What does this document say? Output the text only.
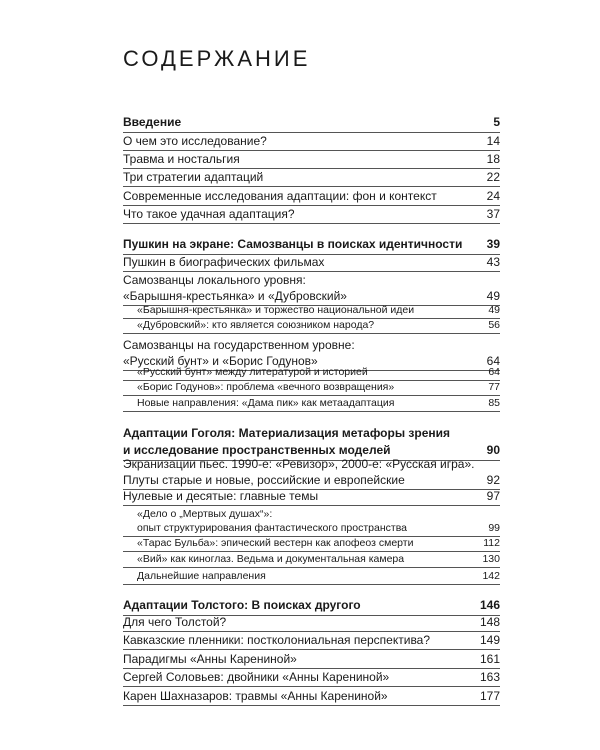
СОДЕРЖАНИЕ
Введение	5
О чем это исследование?	14
Травма и ностальгия	18
Три стратегии адаптаций	22
Современные исследования адаптации: фон и контекст	24
Что такое удачная адаптация?	37
Пушкин на экране: Самозванцы в поисках идентичности 39
Пушкин в биографических фильмах	43
Самозванцы локального уровня:
«Барышня-крестьянка» и «Дубровский»	49
«Барышня-крестьянка» и торжество национальной идеи	49
«Дубровский»: кто является союзником народа?	56
Самозванцы на государственном уровне:
«Русский бунт» и «Борис Годунов»	64
«Русский бунт» между литературой и историей	64
«Борис Годунов»: проблема «вечного возвращения»	77
Новые направления: «Дама пик» как метаадаптация	85
Адаптации Гоголя: Материализация метафоры зрения
и исследование пространственных моделей	90
Экранизации пьес. 1990-е: «Ревизор», 2000-е: «Русская игра».
Плуты старые и новые, российские и европейские	92
Нулевые и десятые: главные темы	97
«Дело о „Мертвых душах“»:
опыт структурирования фантастического пространства	99
«Тарас Бульба»: эпический вестерн как апофеоз смерти	112
«Вий» как киноглаз. Ведьма и документальная камера	130
Дальнейшие направления	142
Адаптации Толстого: В поисках другого	146
Для чего Толстой?	148
Кавказские пленники: постколониальная перспектива?	149
Парадигмы «Анны Карениной»	161
Сергей Соловьев: двойники «Анны Карениной»	163
Карен Шахназаров: травмы «Анны Карениной»	177
